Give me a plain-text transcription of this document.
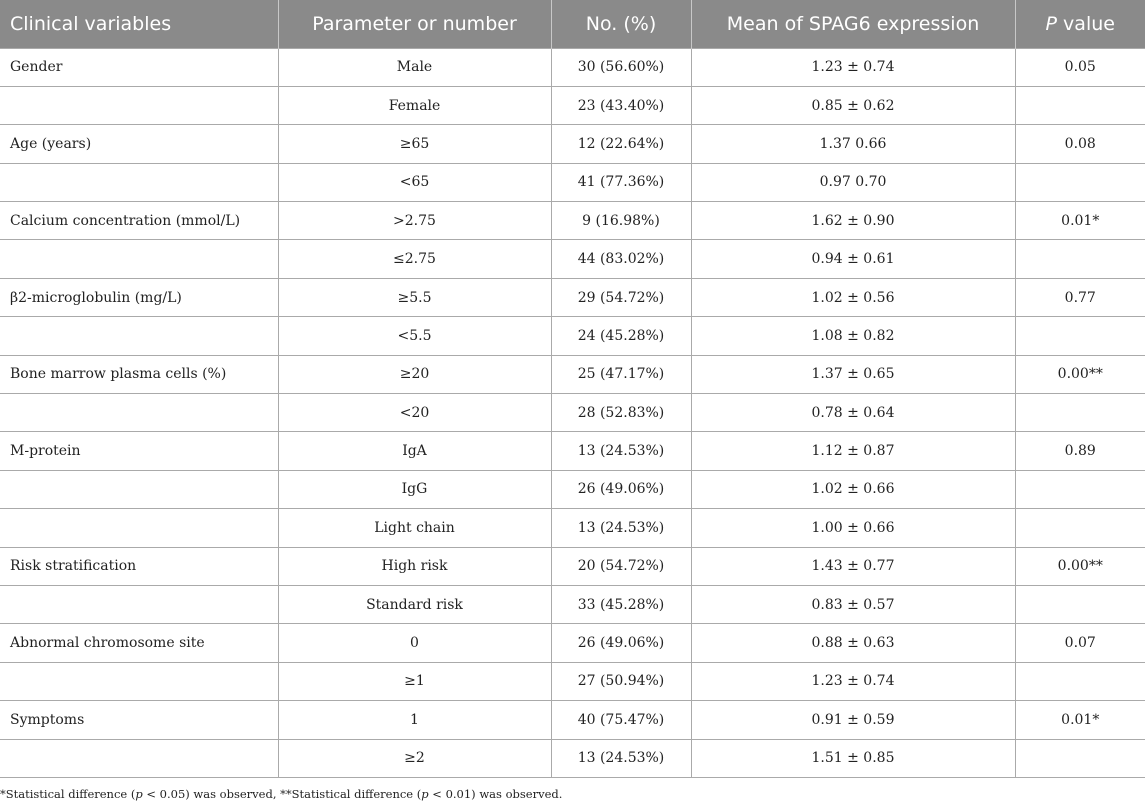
Clinical variables	Parameter or number	No. (%)	Mean of SPAG6 expression	P value
Gender	Male	30 (56.60%)	1.23 ± 0.74	0.05
	Female	23 (43.40%)	0.85 ± 0.62	
Age (years)	≥65	12 (22.64%)	1.37 0.66	0.08
	<65	41 (77.36%)	0.97 0.70	
Calcium concentration (mmol/L)	>2.75	9 (16.98%)	1.62 ± 0.90	0.01*
	≤2.75	44 (83.02%)	0.94 ± 0.61	
β2-microglobulin (mg/L)	≥5.5	29 (54.72%)	1.02 ± 0.56	0.77
	<5.5	24 (45.28%)	1.08 ± 0.82	
Bone marrow plasma cells (%)	≥20	25 (47.17%)	1.37 ± 0.65	0.00**
	<20	28 (52.83%)	0.78 ± 0.64	
M-protein	IgA	13 (24.53%)	1.12 ± 0.87	0.89
	IgG	26 (49.06%)	1.02 ± 0.66	
	Light chain	13 (24.53%)	1.00 ± 0.66	
Risk stratification	High risk	20 (54.72%)	1.43 ± 0.77	0.00**
	Standard risk	33 (45.28%)	0.83 ± 0.57	
Abnormal chromosome site	0	26 (49.06%)	0.88 ± 0.63	0.07
	≥1	27 (50.94%)	1.23 ± 0.74	
Symptoms	1	40 (75.47%)	0.91 ± 0.59	0.01*
	≥2	13 (24.53%)	1.51 ± 0.85	
*Statistical difference (p < 0.05) was observed, **Statistical difference (p < 0.01) was observed.
